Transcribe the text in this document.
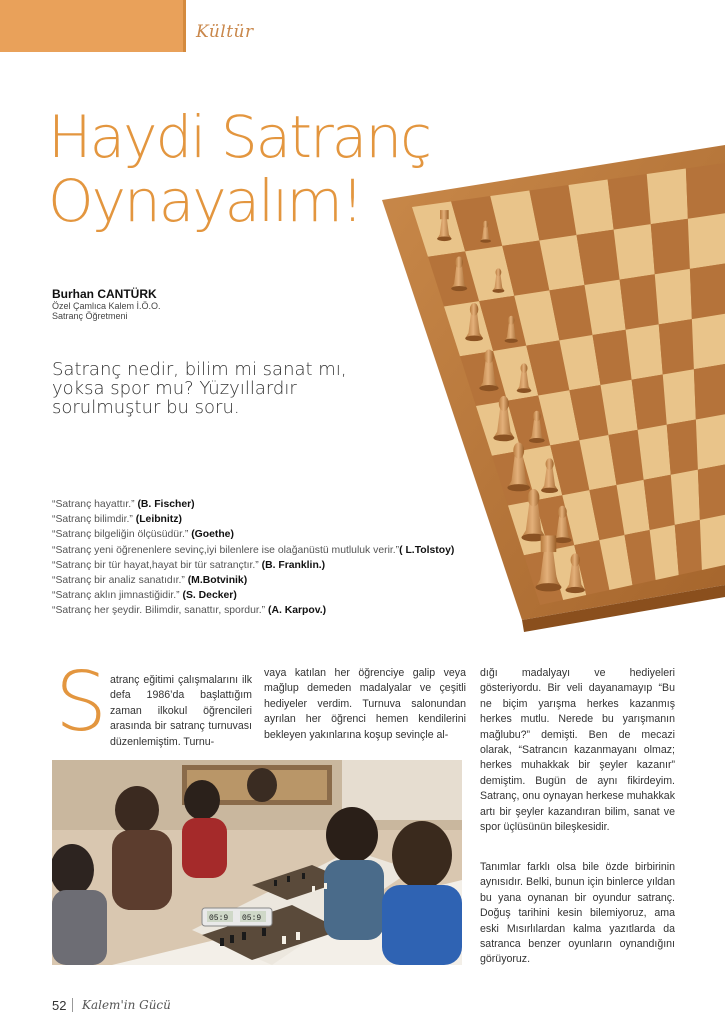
Kültür
Haydi Satranç
Oynayalım!
Burhan CANTÜRK
Özel Çamlıca Kalem İ.Ö.O.
Satranç Öğretmeni
Satranç nedir, bilim mi sanat mı, yoksa spor mu? Yüzyıllardır sorulmuştur bu soru.
“Satranç hayattır.” (B. Fischer)
“Satranç bilimdir.” (Leibnitz)
“Satranç bilgeliğin ölçüsüdür.” (Goethe)
“Satranç yeni öğrenenlere sevinç,iyi bilenlere ise olağanüstü mutluluk verir.”( L.Tolstoy)
“Satranç bir tür hayat,hayat bir tür satrançtır.” (B. Franklin.)
“Satranç bir analiz sanatıdır.” (M.Botvinik)
“Satranç aklın jimnastiğidir.” (S. Decker)
“Satranç her şeydir. Bilimdir, sanattır, spordur.” (A. Karpov.)
S atranç eğitimi çalışmalarını ilk defa 1986’da başlattığım zaman ilkokul öğrencileri arasında bir satranç turnuvası düzenlemiştim. Turnu-
vaya katılan her öğrenciye galip veya mağlup demeden madalyalar ve çeşitli hediyeler verdim. Turnuva salonundan ayrılan her öğrenci hemen kendilerini bekleyen yakınlarına koşup sevinçle al-
dığı madalyayı ve hediyeleri gösteriyordu. Bir veli dayanamayıp “Bu ne biçim yarışma herkes kazanmış herkes mutlu. Nerede bu yarışmanın mağlubu?” demişti. Ben de mecazi olarak, “Satrancın kazanmayanı olmaz; herkes muhakkak bir şeyler kazanır” demiştim. Bugün de aynı fikirdeyim. Satranç, onu oynayan herkese muhakkak artı bir şeyler kazandıran bilim, sanat ve spor üçlüsünün bileşkesidir.
Tanımlar farklı olsa bile özde birbirinin aynısıdır. Belki, bunun için binlerce yıldan bu yana oynanan bir oyundur satranç. Doğuş tarihini kesin bilemiyoruz, ama eski Mısırlılardan kalma yazıtlarda da satranca benzer oyunların oynandığını görüyoruz.
05:9 05:9
52 Kalem'in Gücü
